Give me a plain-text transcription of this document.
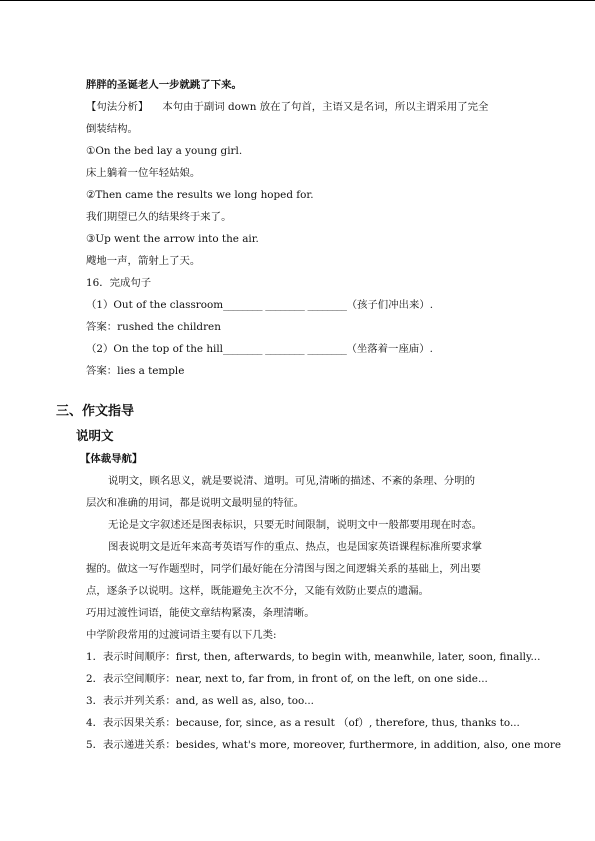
胖胖的圣诞老人一步就跳了下来。
【句法分析】 本句由于副词 down 放在了句首，主语又是名词，所以主谓采用了完全
倒装结构。
①On the bed lay a young girl.
床上躺着一位年轻姑娘。
②Then came the results we long hoped for.
我们期望已久的结果终于来了。
③Up went the arrow into the air.
飕地一声，箭射上了天。
16．完成句子
（1）Out of the classroom________ ________ ________（孩子们冲出来）.
答案：rushed the children
（2）On the top of the hill________ ________ ________（坐落着一座庙）.
答案：lies a temple
三、作文指导
说明文
【体裁导航】
说明文，顾名思义，就是要说清、道明。可见,清晰的描述、不紊的条理、分明的
层次和准确的用词，都是说明文最明显的特征。
无论是文字叙述还是图表标识，只要无时间限制，说明文中一般都要用现在时态。
图表说明文是近年来高考英语写作的重点、热点，也是国家英语课程标准所要求掌
握的。做这一写作题型时，同学们最好能在分清图与图之间逻辑关系的基础上，列出要
点，逐条予以说明。这样，既能避免主次不分，又能有效防止要点的遗漏。
巧用过渡性词语，能使文章结构紧凑，条理清晰。
中学阶段常用的过渡词语主要有以下几类:
1．表示时间顺序：first, then, afterwards, to begin with, meanwhile, later, soon, finally...
2．表示空间顺序：near, next to, far from, in front of, on the left, on one side...
3．表示并列关系：and, as well as, also, too...
4．表示因果关系：because, for, since, as a result （of）, therefore, thus, thanks to...
5．表示递进关系：besides, what's more, moreover, furthermore, in addition, also, one more
